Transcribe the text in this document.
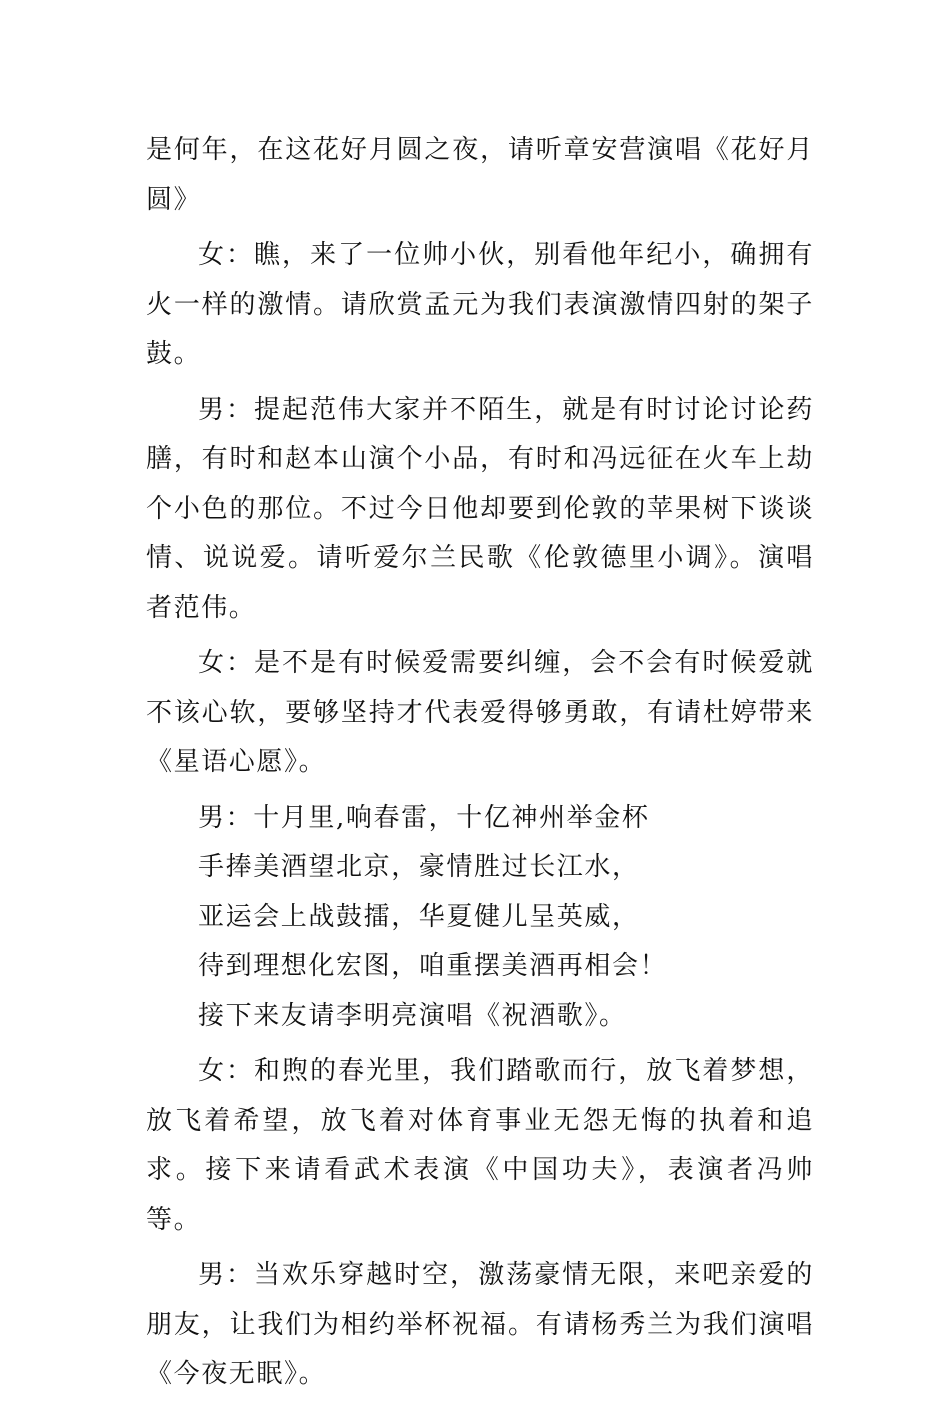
是何年，在这花好月圆之夜，请听章安营演唱《花好月圆》

女：瞧，来了一位帅小伙，别看他年纪小，确拥有火一样的激情。请欣赏孟元为我们表演激情四射的架子鼓。

男：提起范伟大家并不陌生，就是有时讨论讨论药膳，有时和赵本山演个小品，有时和冯远征在火车上劫个小色的那位。不过今日他却要到伦敦的苹果树下谈谈情、说说爱。请听爱尔兰民歌《伦敦德里小调》。演唱者范伟。

女：是不是有时候爱需要纠缠，会不会有时候爱就不该心软，要够坚持才代表爱得够勇敢，有请杜婷带来《星语心愿》。

男：十月里,响春雷，十亿神州举金杯

手捧美酒望北京，豪情胜过长江水，

亚运会上战鼓擂，华夏健儿呈英威，

待到理想化宏图，咱重摆美酒再相会！

接下来友请李明亮演唱《祝酒歌》。

女：和煦的春光里，我们踏歌而行，放飞着梦想，放飞着希望，放飞着对体育事业无怨无悔的执着和追求。接下来请看武术表演《中国功夫》，表演者冯帅等。

男：当欢乐穿越时空，激荡豪情无限，来吧亲爱的朋友，让我们为相约举杯祝福。有请杨秀兰为我们演唱《今夜无眠》。
